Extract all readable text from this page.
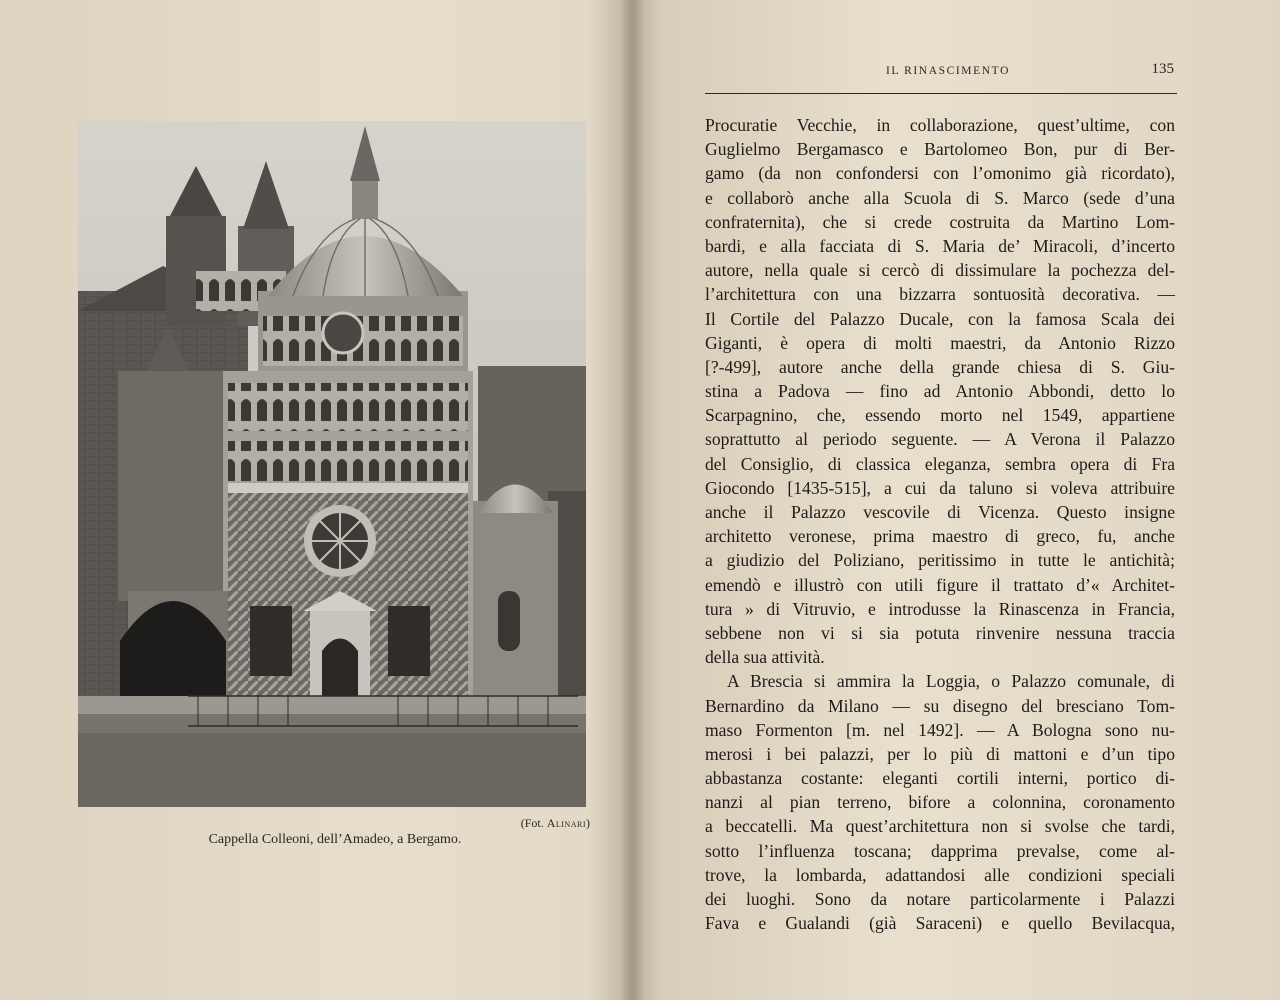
(Fot. Alinari)
Cappella Colleoni, dell’Amadeo, a Bergamo.
IL RINASCIMENTO	135
Procuratie Vecchie, in collaborazione, quest’ultime, con
Guglielmo Bergamasco e Bartolomeo Bon, pur di Ber-
gamo (da non confondersi con l’omonimo già ricordato),
e collaborò anche alla Scuola di S. Marco (sede d’una
confraternita), che si crede costruita da Martino Lom-
bardi, e alla facciata di S. Maria de’ Miracoli, d’incerto
autore, nella quale si cercò di dissimulare la pochezza del-
l’architettura con una bizzarra sontuosità decorativa. —
Il Cortile del Palazzo Ducale, con la famosa Scala dei
Giganti, è opera di molti maestri, da Antonio Rizzo
[?-499], autore anche della grande chiesa di S. Giu-
stina a Padova — fino ad Antonio Abbondi, detto lo
Scarpagnino, che, essendo morto nel 1549, appartiene
soprattutto al periodo seguente. — A Verona il Palazzo
del Consiglio, di classica eleganza, sembra opera di Fra
Giocondo [1435-515], a cui da taluno si voleva attribuire
anche il Palazzo vescovile di Vicenza. Questo insigne
architetto veronese, prima maestro di greco, fu, anche
a giudizio del Poliziano, peritissimo in tutte le antichità;
emendò e illustrò con utili figure il trattato d’« Architet-
tura » di Vitruvio, e introdusse la Rinascenza in Francia,
sebbene non vi si sia potuta rinvenire nessuna traccia
della sua attività.
A Brescia si ammira la Loggia, o Palazzo comunale, di
Bernardino da Milano — su disegno del bresciano Tom-
maso Formenton [m. nel 1492]. — A Bologna sono nu-
merosi i bei palazzi, per lo più di mattoni e d’un tipo
abbastanza costante: eleganti cortili interni, portico di-
nanzi al pian terreno, bifore a colonnina, coronamento
a beccatelli. Ma quest’architettura non si svolse che tardi,
sotto l’influenza toscana; dapprima prevalse, come al-
trove, la lombarda, adattandosi alle condizioni speciali
dei luoghi. Sono da notare particolarmente i Palazzi
Fava e Gualandi (già Saraceni) e quello Bevilacqua,
